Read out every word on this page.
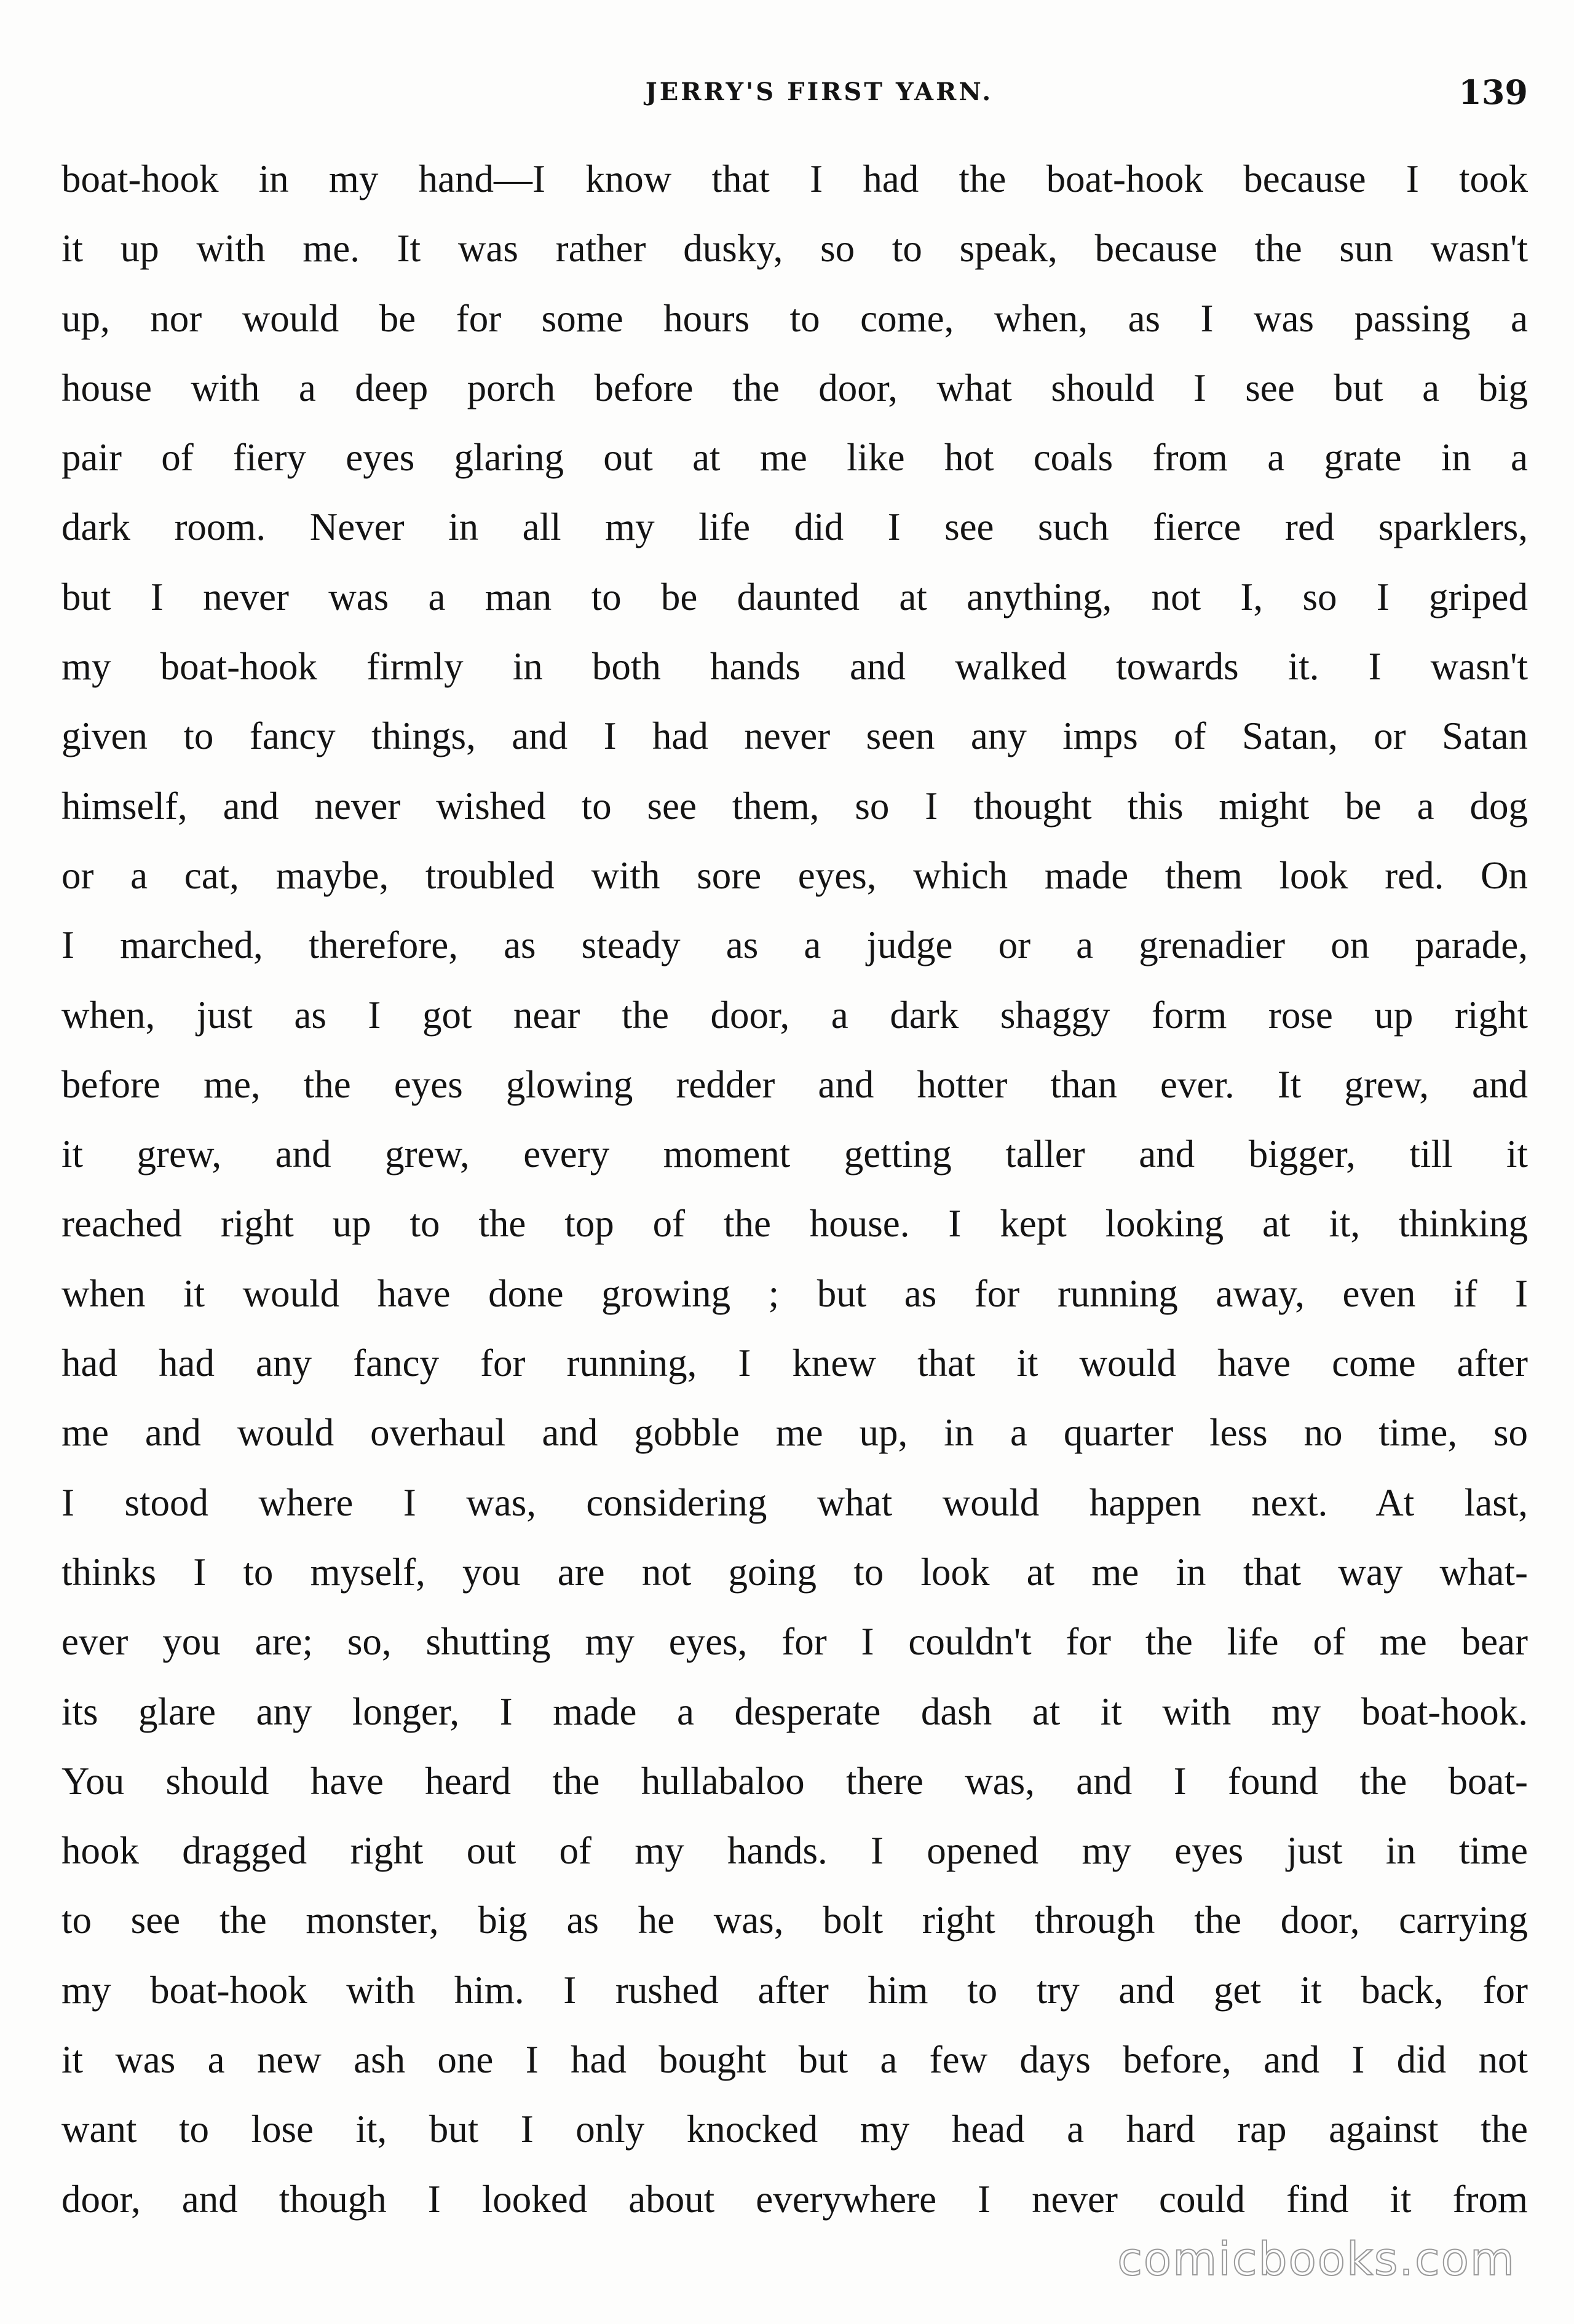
JERRY'S FIRST YARN.	139
boat-hook in my hand—I know that I had the boat-hook because I took
it up with me. It was rather dusky, so to speak, because the sun wasn't
up, nor would be for some hours to come, when, as I was passing a
house with a deep porch before the door, what should I see but a big
pair of fiery eyes glaring out at me like hot coals from a grate in a
dark room. Never in all my life did I see such fierce red sparklers,
but I never was a man to be daunted at anything, not I, so I griped
my boat-hook firmly in both hands and walked towards it. I wasn't
given to fancy things, and I had never seen any imps of Satan, or Satan
himself, and never wished to see them, so I thought this might be a dog
or a cat, maybe, troubled with sore eyes, which made them look red. On
I marched, therefore, as steady as a judge or a grenadier on parade,
when, just as I got near the door, a dark shaggy form rose up right
before me, the eyes glowing redder and hotter than ever. It grew, and
it grew, and grew, every moment getting taller and bigger, till it
reached right up to the top of the house. I kept looking at it, thinking
when it would have done growing ; but as for running away, even if I
had had any fancy for running, I knew that it would have come after
me and would overhaul and gobble me up, in a quarter less no time, so
I stood where I was, considering what would happen next. At last,
thinks I to myself, you are not going to look at me in that way what-
ever you are; so, shutting my eyes, for I couldn't for the life of me bear
its glare any longer, I made a desperate dash at it with my boat-hook.
You should have heard the hullabaloo there was, and I found the boat-
hook dragged right out of my hands. I opened my eyes just in time
to see the monster, big as he was, bolt right through the door, carrying
my boat-hook with him. I rushed after him to try and get it back, for
it was a new ash one I had bought but a few days before, and I did not
want to lose it, but I only knocked my head a hard rap against the
door, and though I looked about everywhere I never could find it from
comicbooks.com
